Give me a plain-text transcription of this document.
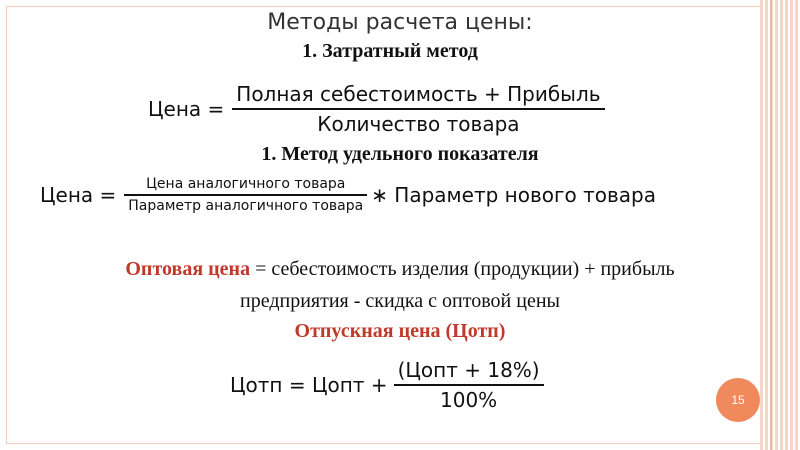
Методы расчета цены:
1. Затратный метод
Цена = $\frac{\text{Полная себестоимость + Прибыль}}{\text{Количество товара}}$
1. Метод удельного показателя
Цена = $\frac{\text{Цена аналогичного товара}}{\text{Параметр аналогичного товара}}$ ∗ Параметр нового товара
Оптовая цена = себестоимость изделия (продукции) + прибыль
предприятия - скидка с оптовой цены
Отпускная цена (Цотп)
Цотп = Цопт + $\frac{\text{(Цопт + 18\%)}}{100\%}$	15
